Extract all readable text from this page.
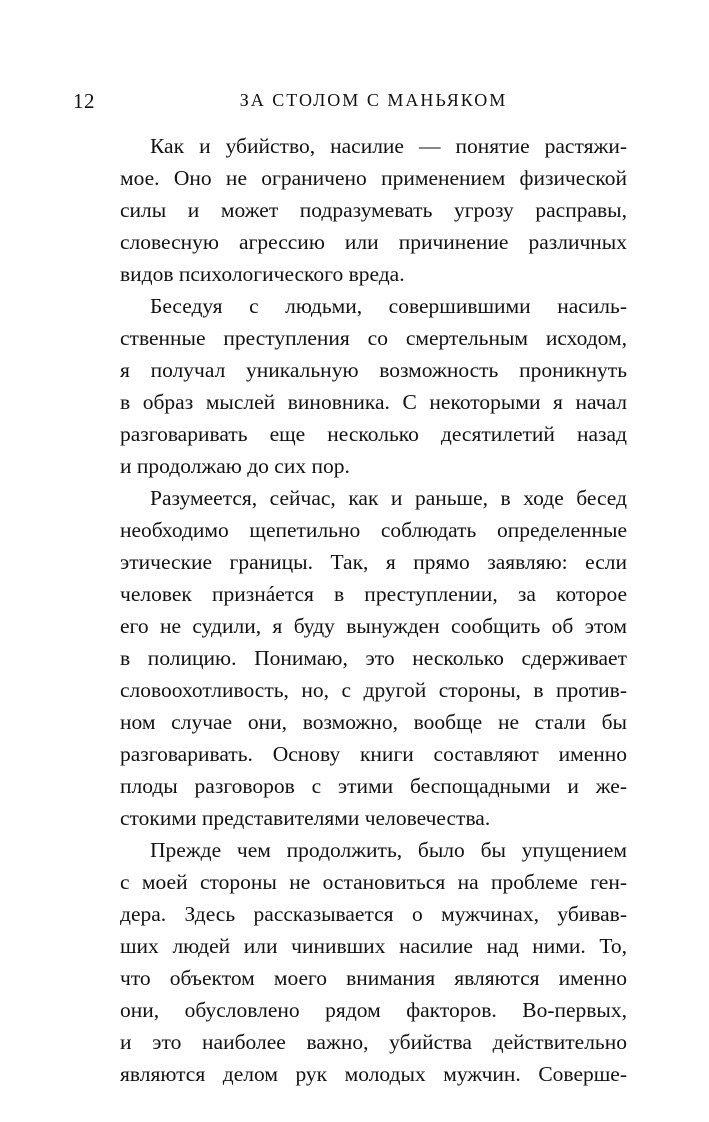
12	ЗА СТОЛОМ С МАНЬЯКОМ
Как и убийство, насилие — понятие растяжи-
мое. Оно не ограничено применением физической
силы и может подразумевать угрозу расправы,
словесную агрессию или причинение различных
видов психологического вреда.
Беседуя с людьми, совершившими насиль-
ственные преступления со смертельным исходом,
я получал уникальную возможность проникнуть
в образ мыслей виновника. С некоторыми я начал
разговаривать еще несколько десятилетий назад
и продолжаю до сих пор.
Разумеется, сейчас, как и раньше, в ходе бесед
необходимо щепетильно соблюдать определенные
этические границы. Так, я прямо заявляю: если
человек признáется в преступлении, за которое
его не судили, я буду вынужден сообщить об этом
в полицию. Понимаю, это несколько сдерживает
словоохотливость, но, с другой стороны, в против-
ном случае они, возможно, вообще не стали бы
разговаривать. Основу книги составляют именно
плоды разговоров с этими беспощадными и же-
стокими представителями человечества.
Прежде чем продолжить, было бы упущением
с моей стороны не остановиться на проблеме ген-
дера. Здесь рассказывается о мужчинах, убивав-
ших людей или чинивших насилие над ними. То,
что объектом моего внимания являются именно
они, обусловлено рядом факторов. Во-первых,
и это наиболее важно, убийства действительно
являются делом рук молодых мужчин. Соверше-
